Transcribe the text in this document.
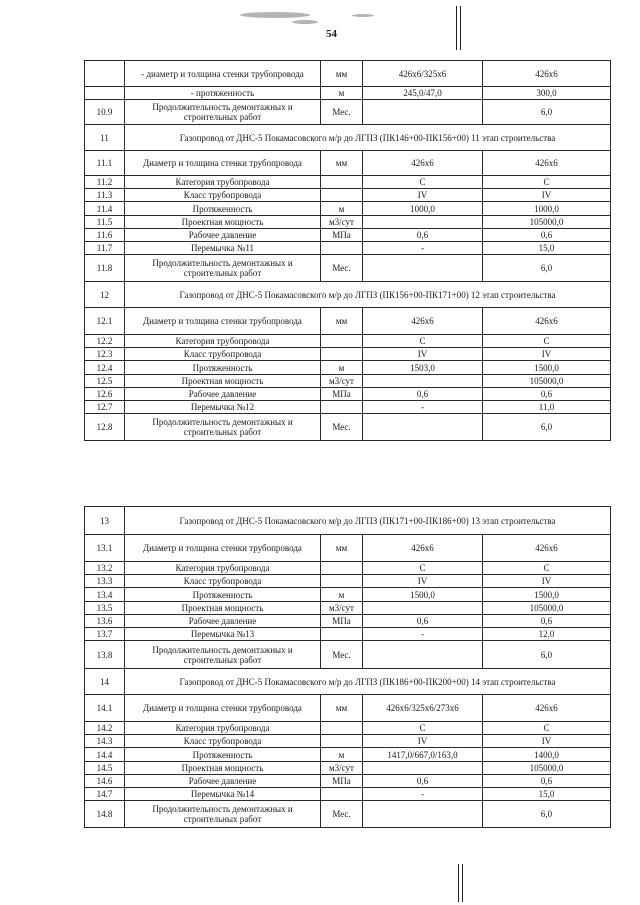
54
	- диаметр и толщина стенки трубопровода	мм	426x6/325x6	426x6
	- протяженность	м	245,0/47,0	300,0
10.9	Продолжительность демонтажных и строительных работ	Мес.		6,0
11	Газопровод от ДНС-5 Покамасовского м/р до ЛГПЗ (ПК146+00-ПК156+00) 11 этап строительства			
11.1	Диаметр и толщина стенки трубопровода	мм	426x6	426x6
11.2	Категория трубопровода		С	С
11.3	Класс трубопровода		IV	IV
11.4	Протяженность	м	1000,0	1000,0
11.5	Проектная мощность	м3/сут		105000,0
11.6	Рабочее давление	МПа	0,6	0,6
11.7	Перемычка №11		-	15,0
11.8	Продолжительность демонтажных и строительных работ	Мес.		6,0
12	Газопровод от ДНС-5 Покамасовского м/р до ЛГПЗ (ПК156+00-ПК171+00) 12 этап строительства			
12.1	Диаметр и толщина стенки трубопровода	мм	426x6	426x6
12.2	Категория трубопровода		С	С
12.3	Класс трубопровода		IV	IV
12.4	Протяженность	м	1503,0	1500,0
12.5	Проектная мощность	м3/сут		105000,0
12.6	Рабочее давление	МПа	0,6	0,6
12.7	Перемычка №12		-	11,0
12.8	Продолжительность демонтажных и строительных работ	Мес.		6,0
13	Газопровод от ДНС-5 Покамасовского м/р до ЛГПЗ (ПК171+00-ПК186+00) 13 этап строительства			
13.1	Диаметр и толщина стенки трубопровода	мм	426x6	426x6
13.2	Категория трубопровода		С	С
13.3	Класс трубопровода		IV	IV
13.4	Протяженность	м	1500,0	1500,0
13.5	Проектная мощность	м3/сут		105000,0
13.6	Рабочее давление	МПа	0,6	0,6
13.7	Перемычка №13		-	12,0
13.8	Продолжительность демонтажных и строительных работ	Мес.		6,0
14	Газопровод от ДНС-5 Покамасовского м/р до ЛГПЗ (ПК186+00-ПК200+00) 14 этап строительства			
14.1	Диаметр и толщина стенки трубопровода	мм	426x6/325x6/273x6	426x6
14.2	Категория трубопровода		С	С
14.3	Класс трубопровода		IV	IV
14.4	Протяженность	м	1417,0/667,0/163,0	1400,0
14.5	Проектная мощность	м3/сут		105000,0
14.6	Рабочее давление	МПа	0,6	0,6
14.7	Перемычка №14		-	15,0
14.8	Продолжительность демонтажных и строительных работ	Мес.		6,0
